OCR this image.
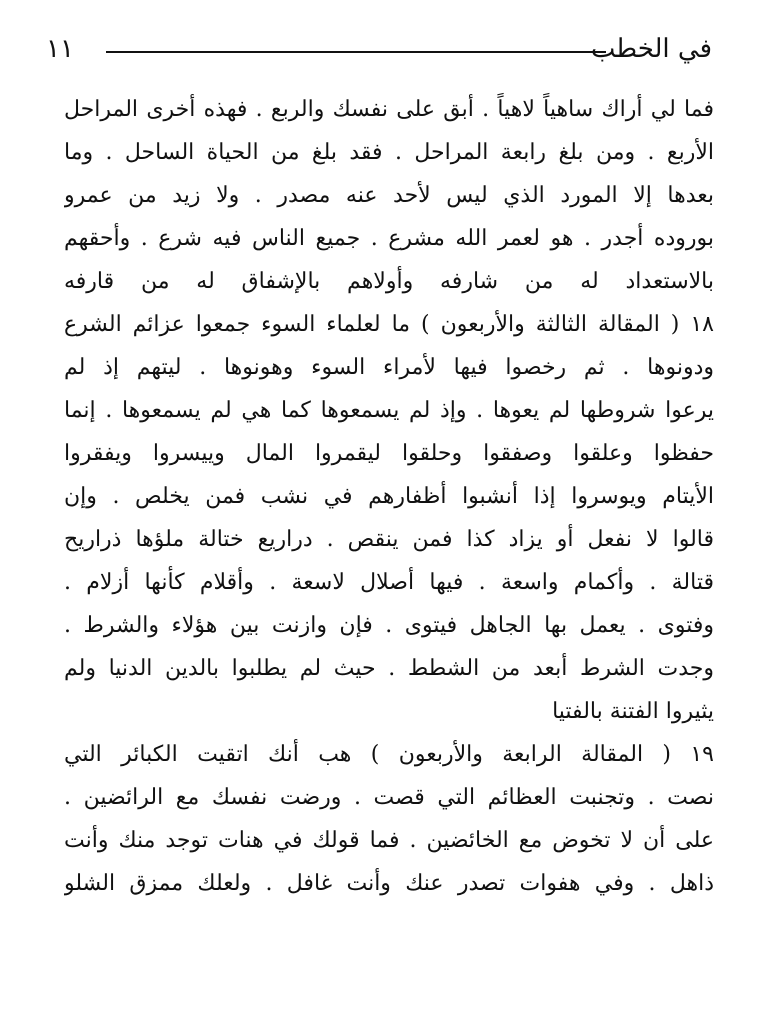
في الخطب
١١
فما لي أراك ساهياً لاهياً . أبق على نفسك والربع . فهذه أخرى المراحل
الأربع . ومن بلغ رابعة المراحل . فقد بلغ من الحياة الساحل . وما
بعدها إلا المورد الذي ليس لأحد عنه مصدر . ولا زيد من عمرو
بوروده أجدر . هو لعمر الله مشرع . جميع الناس فيه شرع . وأحقهم
بالاستعداد له من شارفه وأولاهم بالإشفاق له من قارفه
١٨ ( المقالة الثالثة والأربعون ) ما لعلماء السوء جمعوا عزائم الشرع
ودونوها . ثم رخصوا فيها لأمراء السوء وهونوها . ليتهم إذ لم
يرعوا شروطها لم يعوها . وإذ لم يسمعوها كما هي لم يسمعوها . إنما
حفظوا وعلقوا وصفقوا وحلقوا ليقمروا المال وييسروا ويفقروا
الأيتام ويوسروا إذا أنشبوا أظفارهم في نشب فمن يخلص . وإن
قالوا لا نفعل أو يزاد كذا فمن ينقص . دراريع ختالة ملؤها ذراريح
قتالة . وأكمام واسعة . فيها أصلال لاسعة . وأقلام كأنها أزلام .
وفتوى . يعمل بها الجاهل فيتوى . فإن وازنت بين هؤلاء والشرط .
وجدت الشرط أبعد من الشطط . حيث لم يطلبوا بالدين الدنيا ولم
يثيروا الفتنة بالفتيا
١٩ ( المقالة الرابعة والأربعون ) هب أنك اتقيت الكبائر التي
نصت . وتجنبت العظائم التي قصت . ورضت نفسك مع الرائضين .
على أن لا تخوض مع الخائضين . فما قولك في هنات توجد منك وأنت
ذاهل . وفي هفوات تصدر عنك وأنت غافل . ولعلك ممزق الشلو
